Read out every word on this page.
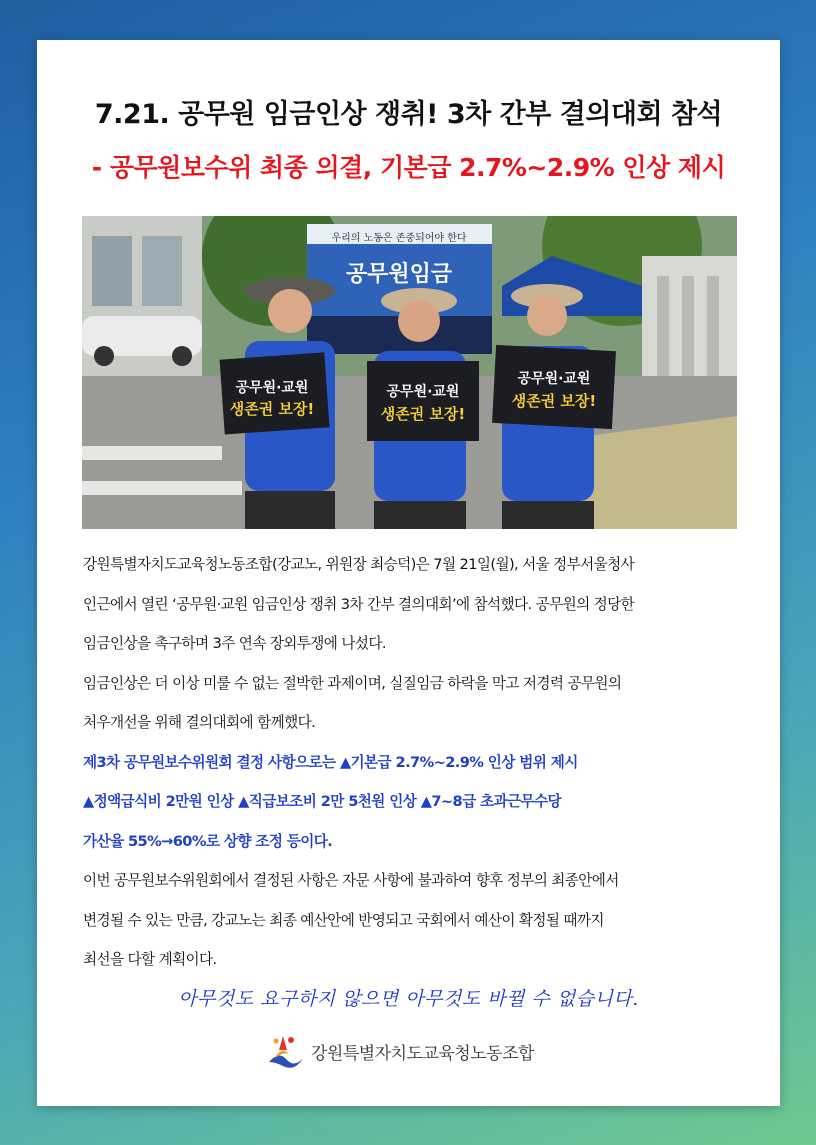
7.21. 공무원 임금인상 쟁취! 3차 간부 결의대회 참석
- 공무원보수위 최종 의결, 기본급 2.7%~2.9% 인상 제시
우리의 노동은 존중되어야 한다
공무원임금
공무원·교원
생존권 보장!
공무원·교원
생존권 보장!
공무원·교원
생존권 보장!

강원특별자치도교육청노동조합(강교노, 위원장 최승덕)은 7월 21일(월), 서울 정부서울청사

인근에서 열린 ‘공무원·교원 임금인상 쟁취 3차 간부 결의대회’에 참석했다. 공무원의 정당한

임금인상을 촉구하며 3주 연속 장외투쟁에 나섰다.

임금인상은 더 이상 미룰 수 없는 절박한 과제이며, 실질임금 하락을 막고 저경력 공무원의

처우개선을 위해 결의대회에 함께했다.

제3차 공무원보수위원회 결정 사항으로는 ▲기본급 2.7%~2.9% 인상 범위 제시

▲정액급식비 2만원 인상 ▲직급보조비 2만 5천원 인상 ▲7~8급 초과근무수당

가산율 55%→60%로 상향 조정 등이다.

이번 공무원보수위원회에서 결정된 사항은 자문 사항에 불과하여 향후 정부의 최종안에서

변경될 수 있는 만큼, 강교노는 최종 예산안에 반영되고 국회에서 예산이 확정될 때까지

최선을 다할 계획이다.

아무것도 요구하지 않으면 아무것도 바뀔 수 없습니다.
강원특별자치도교육청노동조합
